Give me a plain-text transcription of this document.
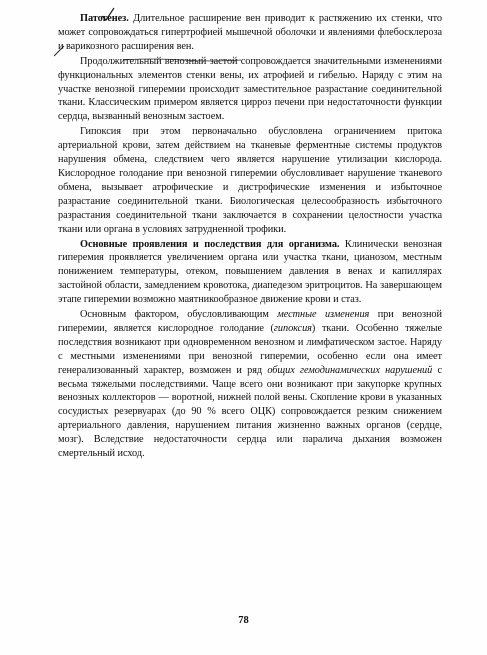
Патогенез. Длительное расширение вен приводит к растяжению их стенки, что может сопровождаться гипертрофией мышечной оболочки и явлениями флебосклероза и варикозного расширения вен.

Продолжительный венозный застой сопровождается значительными изменениями функциональных элементов стенки вены, их атрофией и гибелью. Наряду с этим на участке венозной гиперемии происходит заместительное разрастание соединительной ткани. Классическим примером является цирроз печени при недостаточности функции сердца, вызванный венозным застоем.

Гипоксия при этом первоначально обусловлена ограничением притока артериальной крови, затем действием на тканевые ферментные системы продуктов нарушения обмена, следствием чего является нарушение утилизации кислорода. Кислородное голодание при венозной гиперемии обусловливает нарушение тканевого обмена, вызывает атрофические и дистрофические изменения и избыточное разрастание соединительной ткани. Биологическая целесообразность избыточного разрастания соединительной ткани заключается в сохранении целостности участка ткани или органа в условиях затрудненной трофики.

Основные проявления и последствия для организма. Клинически венозная гиперемия проявляется увеличением органа или участка ткани, цианозом, местным понижением температуры, отеком, повышением давления в венах и капиллярах застойной области, замедлением кровотока, диапедезом эритроцитов. На завершающем этапе гиперемии возможно маятникообразное движение крови и стаз.

Основным фактором, обусловливающим местные изменения при венозной гиперемии, является кислородное голодание (гипоксия) ткани. Особенно тяжелые последствия возникают при одновременном венозном и лимфатическом застое. Наряду с местными изменениями при венозной гиперемии, особенно если она имеет генерализованный характер, возможен и ряд общих гемодинамических нарушений с весьма тяжелыми последствиями. Чаще всего они возникают при закупорке крупных венозных коллекторов — воротной, нижней полой вены. Скопление крови в указанных сосудистых резервуарах (до 90 % всего ОЦК) сопровождается резким снижением артериального давления, нарушением питания жизненно важных органов (сердце, мозг). Вследствие недостаточности сердца или паралича дыхания возможен смертельный исход.

78
